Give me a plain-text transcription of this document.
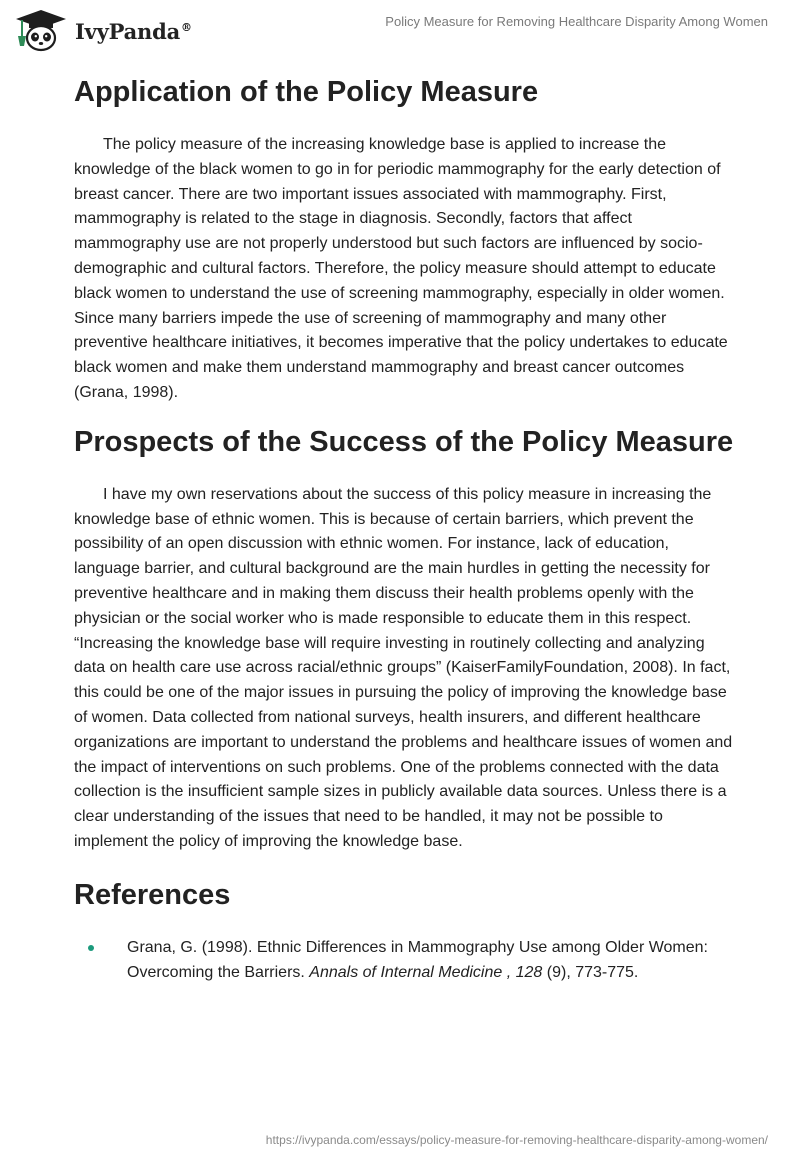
IvyPanda®	Policy Measure for Removing Healthcare Disparity Among Women
Application of the Policy Measure

The policy measure of the increasing knowledge base is applied to increase the knowledge of the black women to go in for periodic mammography for the early detection of breast cancer. There are two important issues associated with mammography. First, mammography is related to the stage in diagnosis. Secondly, factors that affect mammography use are not properly understood but such factors are influenced by socio-demographic and cultural factors. Therefore, the policy measure should attempt to educate black women to understand the use of screening mammography, especially in older women. Since many barriers impede the use of screening of mammography and many other preventive healthcare initiatives, it becomes imperative that the policy undertakes to educate black women and make them understand mammography and breast cancer outcomes (Grana, 1998).

Prospects of the Success of the Policy Measure

I have my own reservations about the success of this policy measure in increasing the knowledge base of ethnic women. This is because of certain barriers, which prevent the possibility of an open discussion with ethnic women. For instance, lack of education, language barrier, and cultural background are the main hurdles in getting the necessity for preventive healthcare and in making them discuss their health problems openly with the physician or the social worker who is made responsible to educate them in this respect. “Increasing the knowledge base will require investing in routinely collecting and analyzing data on health care use across racial/ethnic groups” (KaiserFamilyFoundation, 2008). In fact, this could be one of the major issues in pursuing the policy of improving the knowledge base of women. Data collected from national surveys, health insurers, and different healthcare organizations are important to understand the problems and healthcare issues of women and the impact of interventions on such problems. One of the problems connected with the data collection is the insufficient sample sizes in publicly available data sources. Unless there is a clear understanding of the issues that need to be handled, it may not be possible to implement the policy of improving the knowledge base.

References
Grana, G. (1998). Ethnic Differences in Mammography Use among Older Women: Overcoming the Barriers. Annals of Internal Medicine , 128 (9), 773-775.
https://ivypanda.com/essays/policy-measure-for-removing-healthcare-disparity-among-women/
